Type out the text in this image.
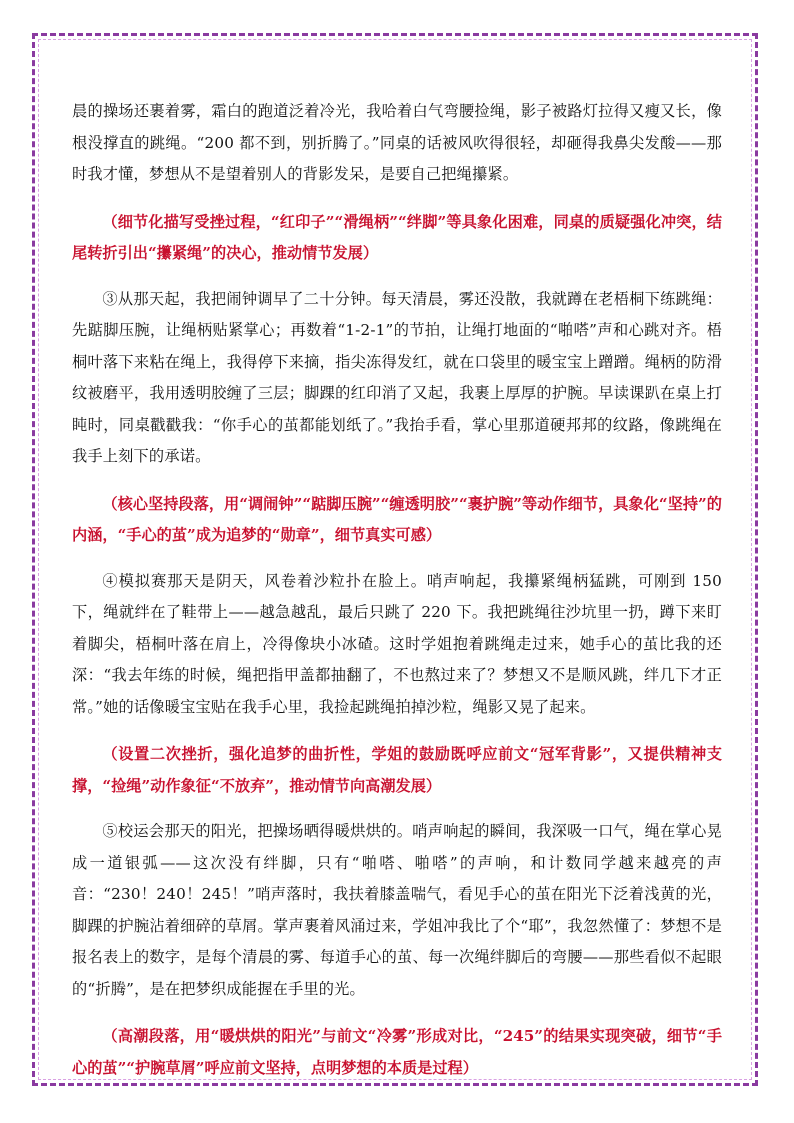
晨的操场还裹着雾，霜白的跑道泛着冷光，我哈着白气弯腰捡绳，影子被路灯拉得又瘦又长，像根没撑直的跳绳。“200 都不到，别折腾了。”同桌的话被风吹得很轻，却砸得我鼻尖发酸——那时我才懂，梦想从不是望着别人的背影发呆，是要自己把绳攥紧。

（细节化描写受挫过程，“红印子”“滑绳柄”“绊脚”等具象化困难，同桌的质疑强化冲突，结尾转折引出“攥紧绳”的决心，推动情节发展）

③从那天起，我把闹钟调早了二十分钟。每天清晨，雾还没散，我就蹲在老梧桐下练跳绳：先踮脚压腕，让绳柄贴紧掌心；再数着“1-2-1”的节拍，让绳打地面的“啪嗒”声和心跳对齐。梧桐叶落下来粘在绳上，我得停下来摘，指尖冻得发红，就在口袋里的暖宝宝上蹭蹭。绳柄的防滑纹被磨平，我用透明胶缠了三层；脚踝的红印消了又起，我裹上厚厚的护腕。早读课趴在桌上打盹时，同桌戳戳我：“你手心的茧都能划纸了。”我抬手看，掌心里那道硬邦邦的纹路，像跳绳在我手上刻下的承诺。

（核心坚持段落，用“调闹钟”“踮脚压腕”“缠透明胶”“裹护腕”等动作细节，具象化“坚持”的内涵，“手心的茧”成为追梦的“勋章”，细节真实可感）

④模拟赛那天是阴天，风卷着沙粒扑在脸上。哨声响起，我攥紧绳柄猛跳，可刚到 150 下，绳就绊在了鞋带上——越急越乱，最后只跳了 220 下。我把跳绳往沙坑里一扔，蹲下来盯着脚尖，梧桐叶落在肩上，冷得像块小冰碴。这时学姐抱着跳绳走过来，她手心的茧比我的还深：“我去年练的时候，绳把指甲盖都抽翻了，不也熬过来了？梦想又不是顺风跳，绊几下才正常。”她的话像暖宝宝贴在我手心里，我捡起跳绳拍掉沙粒，绳影又晃了起来。

（设置二次挫折，强化追梦的曲折性，学姐的鼓励既呼应前文“冠军背影”，又提供精神支撑，“捡绳”动作象征“不放弃”，推动情节向高潮发展）

⑤校运会那天的阳光，把操场晒得暖烘烘的。哨声响起的瞬间，我深吸一口气，绳在掌心晃成一道银弧——这次没有绊脚，只有“啪嗒、啪嗒”的声响，和计数同学越来越亮的声音：“230！240！245！”哨声落时，我扶着膝盖喘气，看见手心的茧在阳光下泛着浅黄的光，脚踝的护腕沾着细碎的草屑。掌声裹着风涌过来，学姐冲我比了个“耶”，我忽然懂了：梦想不是报名表上的数字，是每个清晨的雾、每道手心的茧、每一次绳绊脚后的弯腰——那些看似不起眼的“折腾”，是在把梦织成能握在手里的光。

（高潮段落，用“暖烘烘的阳光”与前文“冷雾”形成对比，“245”的结果实现突破，细节“手心的茧”“护腕草屑”呼应前文坚持，点明梦想的本质是过程）
